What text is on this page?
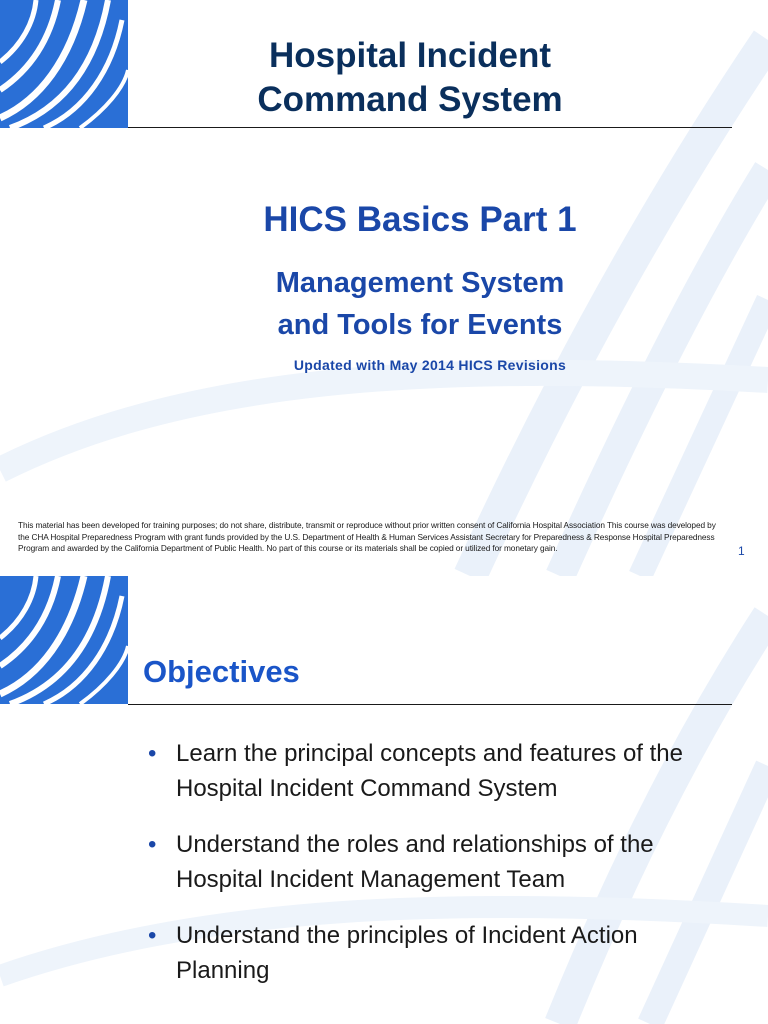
Hospital Incident
Command System
HICS Basics Part 1
Management System
and Tools for Events

Updated with May 2014 HICS Revisions

This material has been developed for training purposes; do not share, distribute, transmit or reproduce without prior written consent of California Hospital Association This course was developed by the CHA Hospital Preparedness Program with grant funds provided by the U.S. Department of Health & Human Services Assistant Secretary for Preparedness & Response Hospital Preparedness Program and awarded by the California Department of Public Health. No part of this course or its materials shall be copied or utilized for monetary gain.	1
Objectives
• Learn the principal concepts and features of the Hospital Incident Command System
• Understand the roles and relationships of the Hospital Incident Management Team
• Understand the principles of Incident Action Planning
